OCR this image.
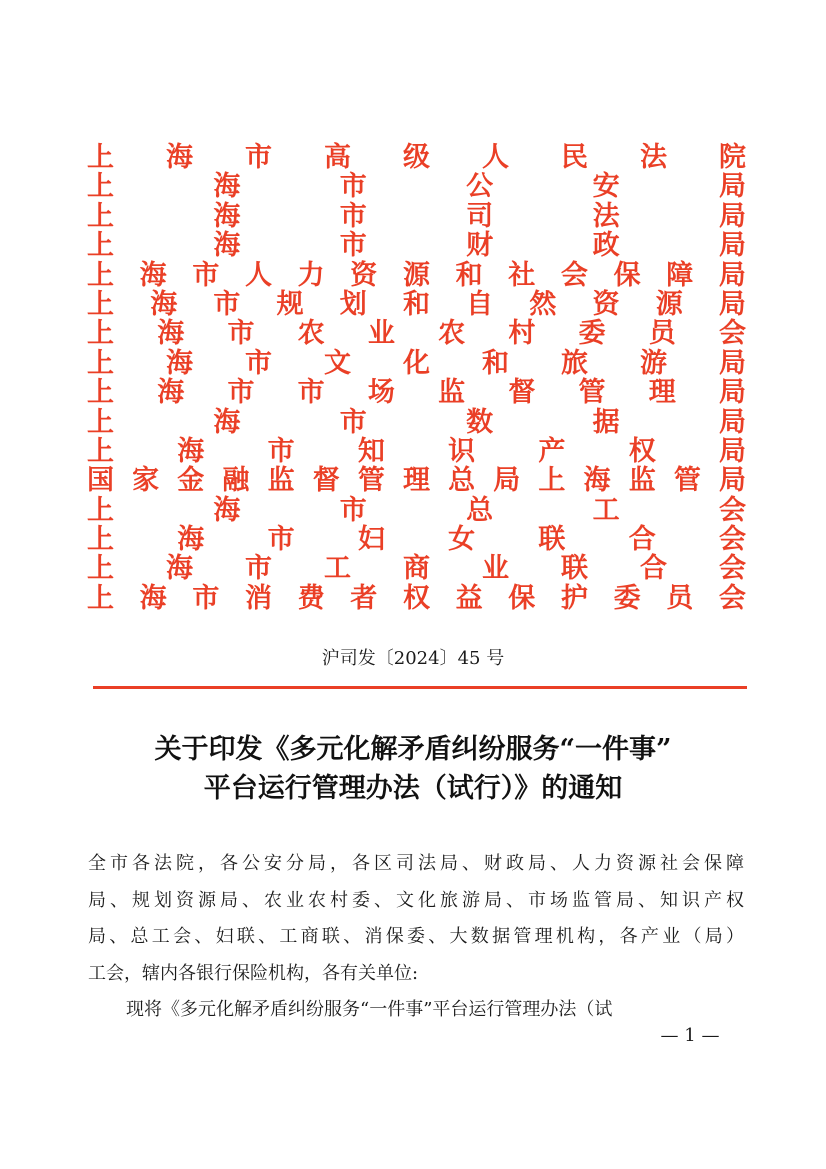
上 海 市 高 级 人 民 法 院
上	海	市	公	安	局
上	海	市	司	法	局
上	海	市	财	政	局
上 海 市 人 力 资 源 和 社 会 保 障 局
上 海 市 规 划 和 自 然 资 源 局
上 海 市 农 业 农 村 委 员 会
上 海 市 文 化 和 旅 游 局
上 海 市 市 场 监 督 管 理 局
上	海	市	数	据	局
上 海 市 知 识 产 权 局
国 家 金 融 监 督 管 理 总 局 上 海 监 管 局
上	海	市	总	工	会
上 海 市 妇 女 联 合 会
上 海 市 工 商 业 联 合 会
上 海 市 消 费 者 权 益 保 护 委 员 会
沪司发〔2024〕45 号
关于印发《多元化解矛盾纠纷服务“一件事”
平台运行管理办法（试行）》的通知
全市各法院，各公安分局，各区司法局、财政局、人力资源社会保障
局、规划资源局、农业农村委、文化旅游局、市场监管局、知识产权
局、总工会、妇联、工商联、消保委、大数据管理机构，各产业（局）
工会，辖内各银行保险机构，各有关单位:
现将《多元化解矛盾纠纷服务“一件事”平台运行管理办法（试
— 1 —
